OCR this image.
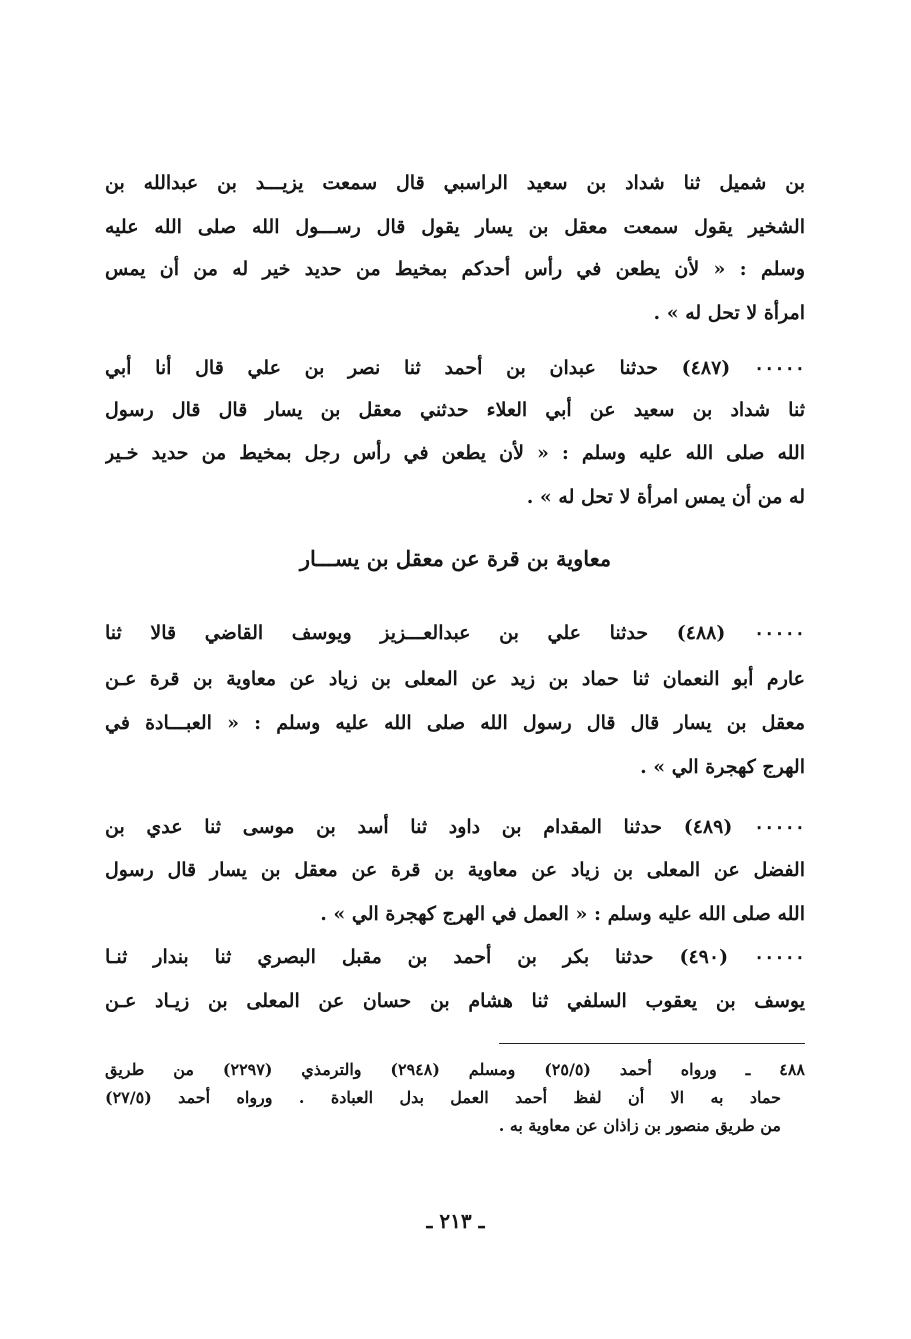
بن شميل ثنا شداد بن سعيد الراسبي قال سمعت يزيـــد بن عبدالله بن
الشخير يقول سمعت معقل بن يسار يقول قال رســـول الله صلى الله عليه
وسلم : « لأن يطعن في رأس أحدكم بمخيط من حديد خير له من أن يمس
امرأة لا تحل له » .
٠٠٠٠٠ (٤٨٧) حدثنا عبدان بن أحمد ثنا نصر بن علي قال أنا أبي
ثنا شداد بن سعيد عن أبي العلاء حدثني معقل بن يسار قال قال رسول
الله صلى الله عليه وسلم : « لأن يطعن في رأس رجل بمخيط من حديد خـير
له من أن يمس امرأة لا تحل له » .
معاوية بن قرة عن معقل بن يســـار
٠٠٠٠٠ (٤٨٨) حدثنا علي بن عبدالعـــزيز ويوسف القاضي قالا ثنا
عارم أبو النعمان ثنا حماد بن زيد عن المعلى بن زياد عن معاوية بن قرة عـن
معقل بن يسار قال قال رسول الله صلى الله عليه وسلم : « العبـــادة في
الهرج كهجرة الي » .
٠٠٠٠٠ (٤٨٩) حدثنا المقدام بن داود ثنا أسد بن موسى ثنا عدي بن
الفضل عن المعلى بن زياد عن معاوية بن قرة عن معقل بن يسار قال رسول
الله صلى الله عليه وسلم : « العمل في الهرج كهجرة الي » .
٠٠٠٠٠ (٤٩٠) حدثنا بكر بن أحمد بن مقبل البصري ثنا بندار ثنـا
يوسف بن يعقوب السلفي ثنا هشام بن حسان عن المعلى بن زيـاد عـن
٤٨٨ ـ ورواه أحمد (٢٥/٥) ومسلم (٢٩٤٨) والترمذي (٢٢٩٧) من طريق
حماد به الا أن لفظ أحمد العمل بدل العبادة . ورواه أحمد (٢٧/٥)
من طريق منصور بن زاذان عن معاوية به .
ـ ٢١٣ ـ
